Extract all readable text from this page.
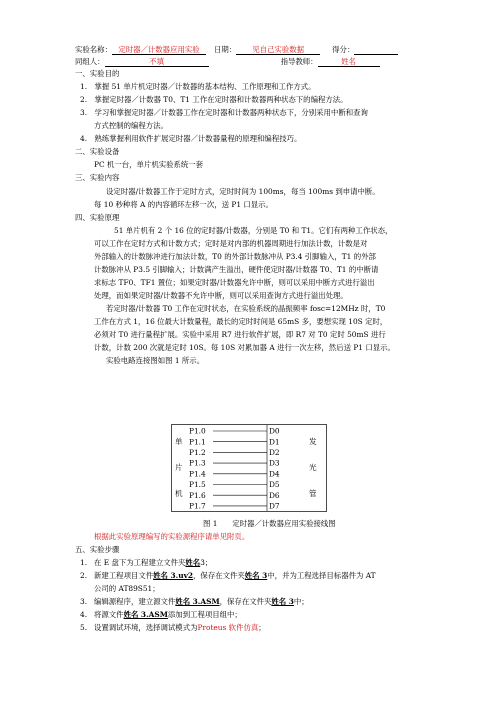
实验名称： 定时器／计数器应用实验 日期： 见自己实验数据	得分：
同组人：	不填	指导教师：	姓名
一、实验目的
1.　掌握 51 单片机定时器／计数器的基本结构、工作原理和工作方式。
2.　掌握定时器／计数器 T0、T1 工作在定时器和计数器两种状态下的编程方法。
3.　学习和掌握定时器／计数器工作在定时器和计数器两种状态下，分别采用中断和查询
方式控制的编程方法。
4.　熟练掌握利用软件扩展定时器／计数器量程的原理和编程技巧。
二、实验设备
PC 机一台，单片机实验系统一套
三、实验内容
设定时器/计数器工作于定时方式，定时时间为 100ms，每当 100ms 到申请中断。
每 10 秒种将 A 的内容循环左移一次，送 P1 口显示。
四、实验原理
51 单片机有 2 个 16 位的定时器/计数器，分别是 T0 和 T1。它们有两种工作状态，
可以工作在定时方式和计数方式；定时是对内部的机器周期进行加法计数，计数是对
外部输入的计数脉冲进行加法计数，T0 的外部计数脉冲从 P3.4 引脚输入，T1 的外部
计数脉冲从 P3.5 引脚输入；计数满产生溢出，硬件使定时器/计数器 T0、T1 的中断请
求标志 TF0、TF1 置位；如果定时器/计数器允许中断，则可以采用中断方式进行溢出
处理，而如果定时器/计数器不允许中断，则可以采用查询方式进行溢出处理。
若定时器/计数器 T0 工作在定时状态，在实验系统的晶振频率 fosc=12MHz 时，T0
工作在方式 1，16 位最大计数量程，最长的定时时间是 65mS 多，要想实现 10S 定时，
必须对 T0 进行量程扩展。实验中采用 R7 进行软件扩展，即 R7 对 T0 定时 50mS 进行
计数，计数 200 次就是定时 10S。每 10S 对累加器 A 进行一次左移，然后送 P1 口显示。
实验电路连接图如图 1 所示。
P1.0
P1.1
P1.2
P1.3
P1.4
P1.5
P1.6
P1.7
D0
D1
D2
D3
D4
D5
D6
D7
单
片
机
发
光
管
图 1　　定时器／计数器应用实验接线图
根据此实验原理编写的实验源程序请单见附页。
五、实验步骤
1. 在 E 盘下为工程建立文件夹姓名3；
2. 新建工程项目文件姓名 3.uv2，保存在文件夹姓名 3中，并为工程选择目标器件为 AT
公司的 AT89S51；
3. 编辑源程序，建立源文件姓名 3.ASM，保存在文件夹姓名 3中；
4. 将源文件姓名 3.ASM添加到工程项目组中；
5. 设置调试环境，选择调试模式为Proteus 软件仿真；
